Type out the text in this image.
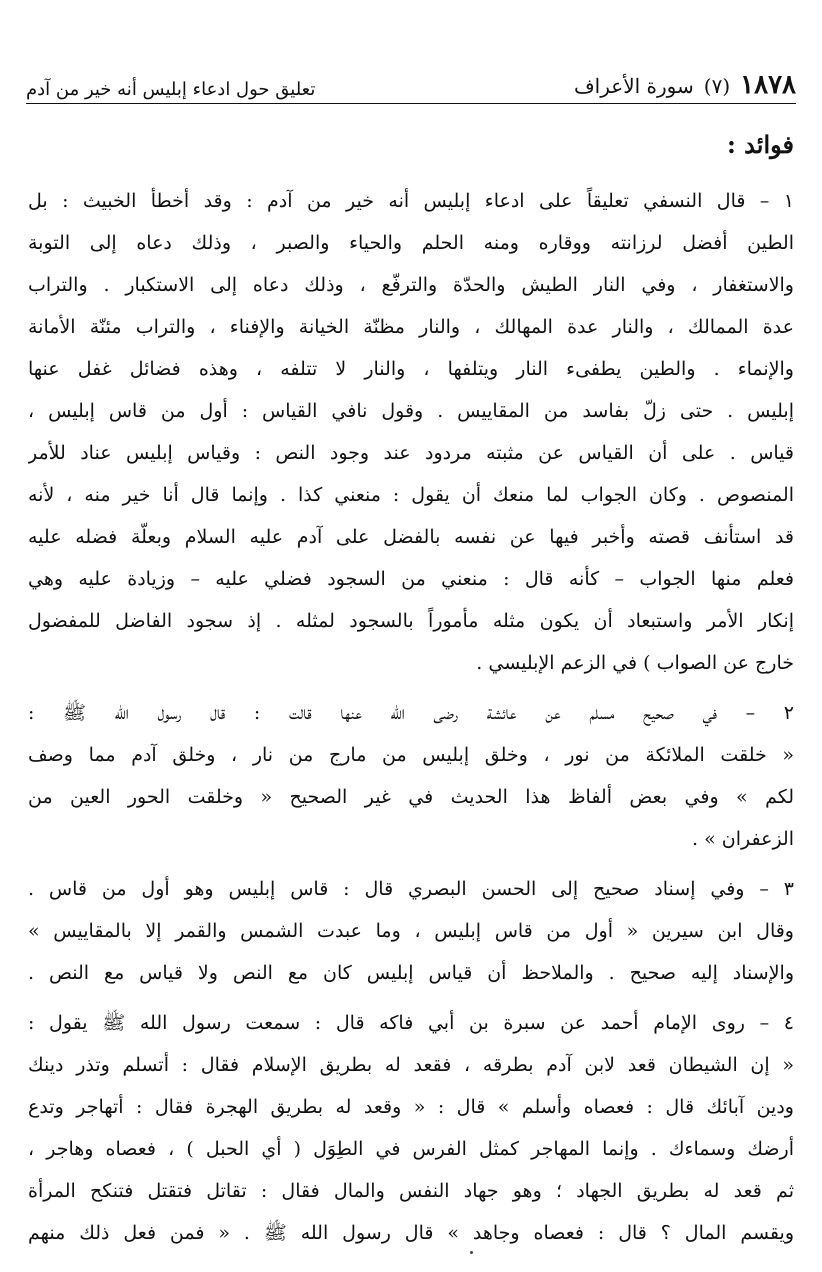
١٨٧٨
(٧)
سورة الأعراف
تعليق حول ادعاء إبليس أنه خير من آدم
فوائد :
١ – قال النسفي تعليقاً على ادعاء إبليس أنه خير من آدم : وقد أخطأ الخبيث : بل
الطين أفضل لرزانته ووقاره ومنه الحلم والحياء والصبر ، وذلك دعاه إلى التوبة
والاستغفار ، وفي النار الطيش والحدّة والترفّع ، وذلك دعاه إلى الاستكبار . والتراب
عدة الممالك ، والنار عدة المهالك ، والنار مظنّة الخيانة والإفناء ، والتراب مئنّة الأمانة
والإنماء . والطين يطفىء النار ويتلفها ، والنار لا تتلفه ، وهذه فضائل غفل عنها
إبليس . حتى زلّ بفاسد من المقاييس . وقول نافي القياس : أول من قاس إبليس ،
قياس . على أن القياس عن مثبته مردود عند وجود النص : وقياس إبليس عناد للأمر
المنصوص . وكان الجواب لما منعك أن يقول : منعني كذا . وإنما قال أنا خير منه ، لأنه
قد استأنف قصته وأخبر فيها عن نفسه بالفضل على آدم عليه السلام وبعلّة فضله عليه
فعلم منها الجواب – كأنه قال : منعني من السجود فضلي عليه – وزيادة عليه وهي
إنكار الأمر واستبعاد أن يكون مثله مأموراً بالسجود لمثله . إذ سجود الفاضل للمفضول
خارج عن الصواب ) في الزعم الإبليسي .
٢ – في صحيح مسلم عن عائشة رضى الله عنها قالت : قال رسول الله ﷺ :
« خلقت الملائكة من نور ، وخلق إبليس من مارج من نار ، وخلق آدم مما وصف
لكم » وفي بعض ألفاظ هذا الحديث في غير الصحيح « وخلقت الحور العين من
الزعفران » .
٣ – وفي إسناد صحيح إلى الحسن البصري قال : قاس إبليس وهو أول من قاس .
وقال ابن سيرين « أول من قاس إبليس ، وما عبدت الشمس والقمر إلا بالمقاييس »
والإسناد إليه صحيح . والملاحظ أن قياس إبليس كان مع النص ولا قياس مع النص .
٤ – روى الإمام أحمد عن سبرة بن أبي فاكه قال : سمعت رسول الله ﷺ يقول :
« إن الشيطان قعد لابن آدم بطرقه ، فقعد له بطريق الإسلام فقال : أتسلم وتذر دينك
ودين آبائك قال : فعصاه وأسلم » قال : « وقعد له بطريق الهجرة فقال : أتهاجر وتدع
أرضك وسماءك . وإنما المهاجر كمثل الفرس في الطِوَل ( أي الحبل ) ، فعصاه وهاجر ،
ثم قعد له بطريق الجهاد ؛ وهو جهاد النفس والمال فقال : تقاتل فتقتل فتنكح المرأة
ويقسم المال ؟ قال : فعصاه وجاهد » قال رسول الله ﷺ . « فمن فعل ذلك منهم
